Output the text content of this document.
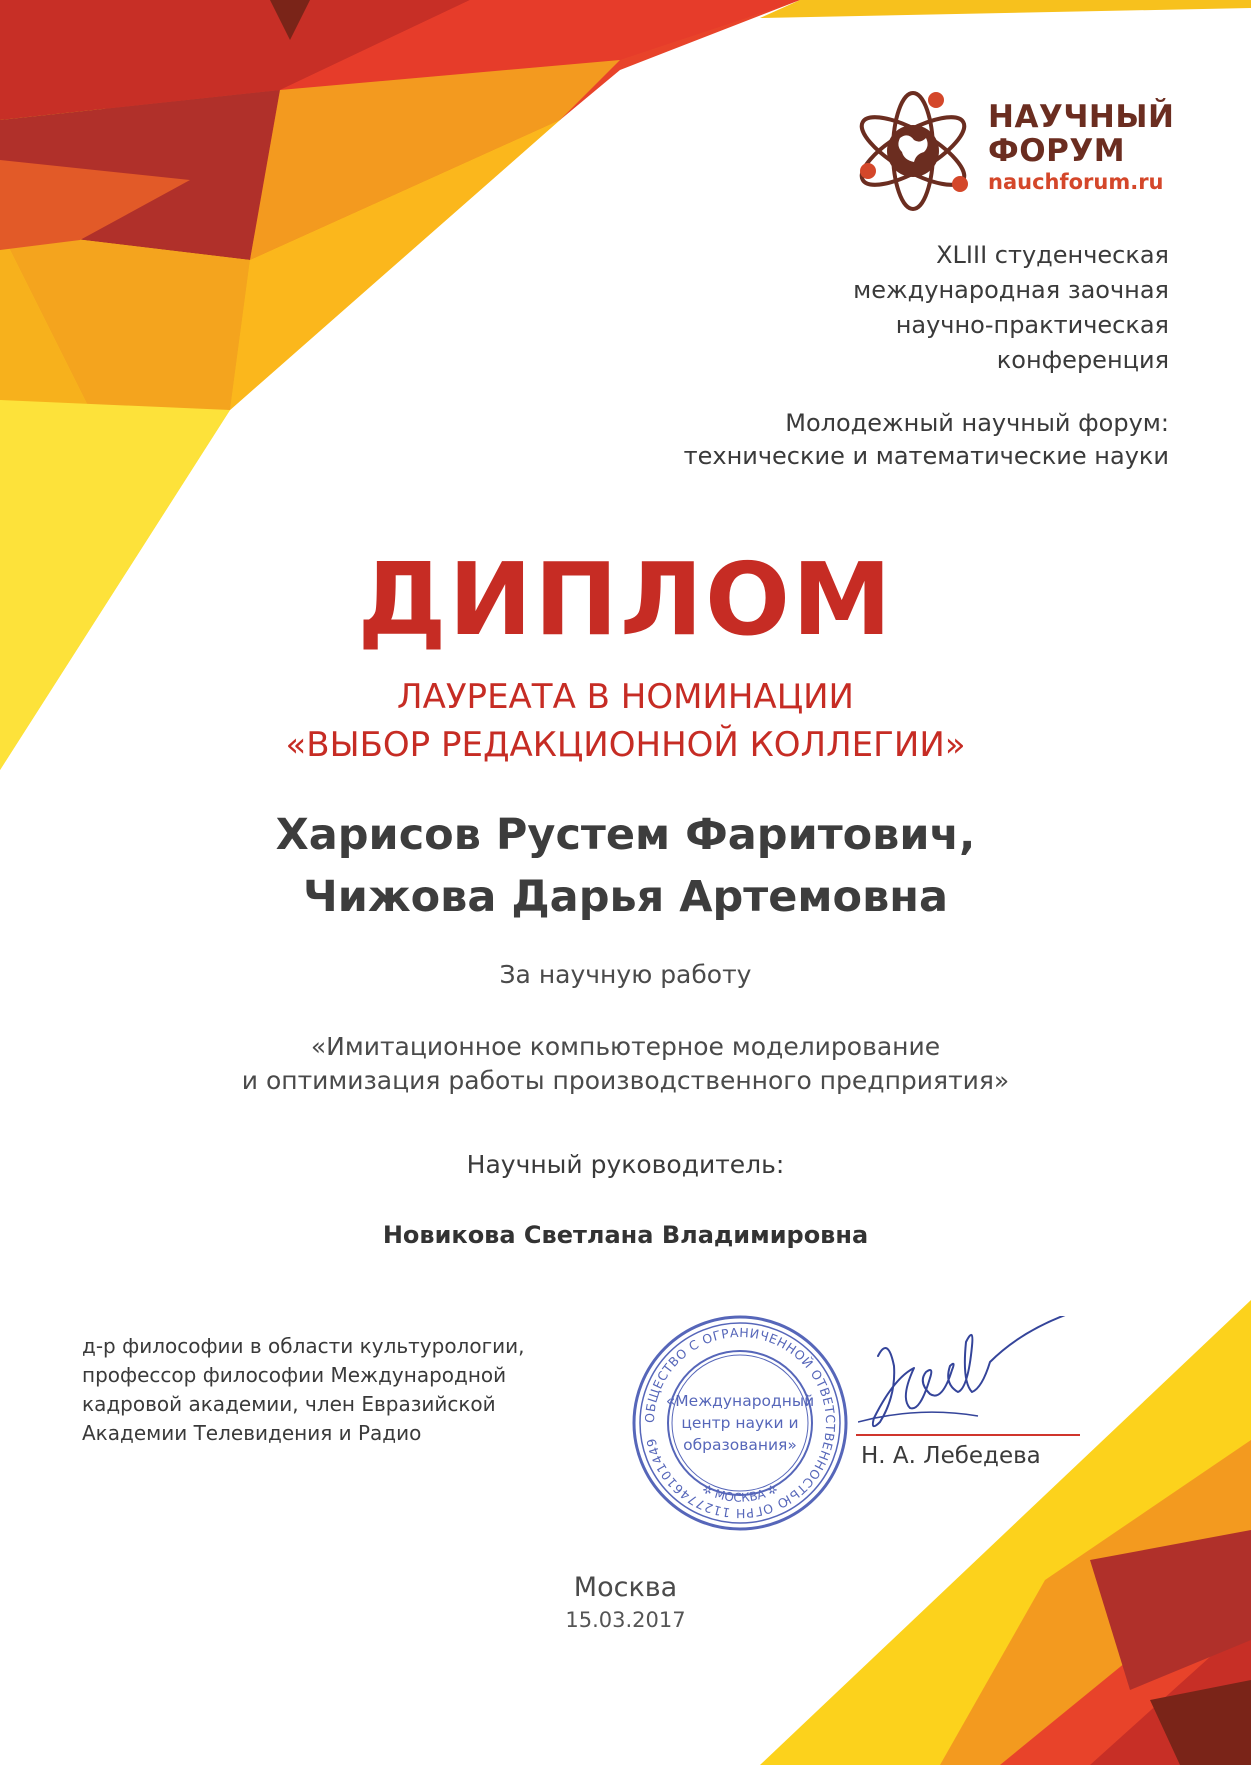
НАУЧНЫЙ
ФОРУМ
nauchforum.ru
XLIII студенческая
международная заочная
научно-практическая
конференция
Молодежный научный форум:
технические и математические науки
ДИПЛОМ
ЛАУРЕАТА В НОМИНАЦИИ
«ВЫБОР РЕДАКЦИОННОЙ КОЛЛЕГИИ»
Харисов Рустем Фаритович,
Чижова Дарья Артемовна
За научную работу
«Имитационное компьютерное моделирование
и оптимизация работы производственного предприятия»
Научный руководитель:
Новикова Светлана Владимировна
д-р философии в области культурологии,
профессор философии Международной
кадровой академии, член Евразийской
Академии Телевидения и Радио
ОБЩЕСТВО С ОГРАНИЧЕННОЙ ОТВЕТСТВЕННОСТЬЮ ОГРН 1127746101449
✲ МОСКВА ✲
«Международный
центр науки и
образования»	Н. А. Лебедева
Москва
15.03.2017
